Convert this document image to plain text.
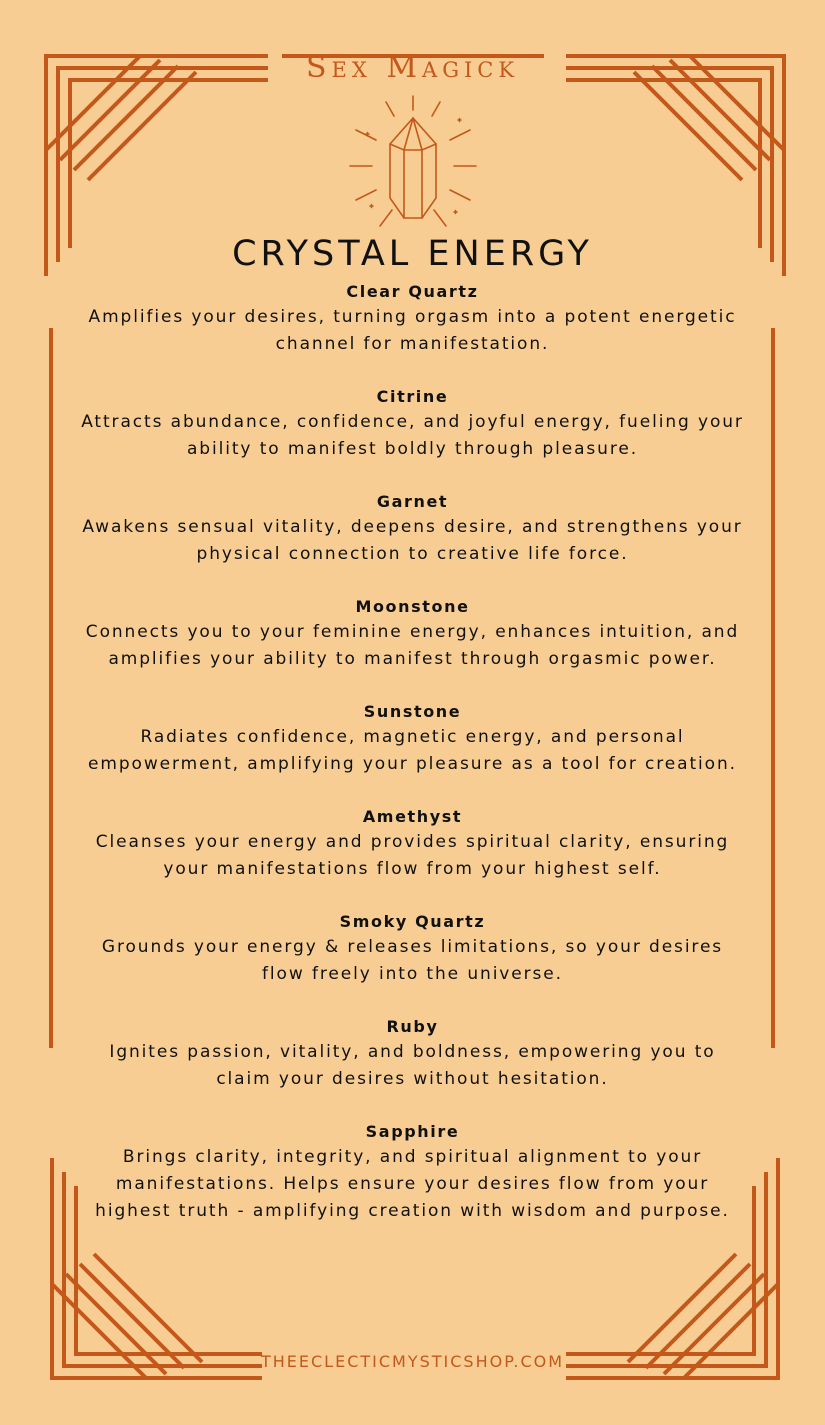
Sex Magick
CRYSTAL ENERGY
Clear Quartz
Amplifies your desires, turning orgasm into a potent energetic channel for manifestation.
Citrine
Attracts abundance, confidence, and joyful energy, fueling your ability to manifest boldly through pleasure.
Garnet
Awakens sensual vitality, deepens desire, and strengthens your physical connection to creative life force.
Moonstone
Connects you to your feminine energy, enhances intuition, and amplifies your ability to manifest through orgasmic power.
Sunstone
Radiates confidence, magnetic energy, and personal empowerment, amplifying your pleasure as a tool for creation.
Amethyst
Cleanses your energy and provides spiritual clarity, ensuring your manifestations flow from your highest self.
Smoky Quartz
Grounds your energy & releases limitations, so your desires flow freely into the universe.
Ruby
Ignites passion, vitality, and boldness, empowering you to claim your desires without hesitation.
Sapphire
Brings clarity, integrity, and spiritual alignment to your manifestations. Helps ensure your desires flow from your highest truth - amplifying creation with wisdom and purpose.
THEECLECTICMYSTICSHOP.COM
